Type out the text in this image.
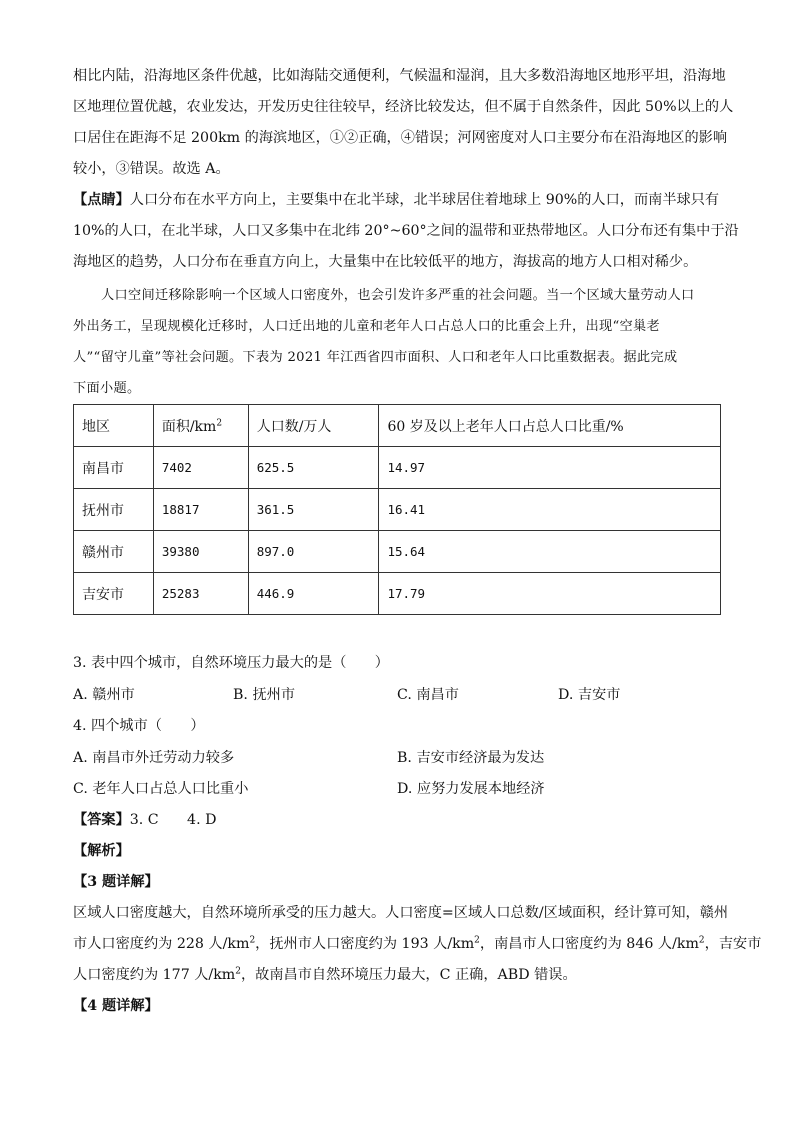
相比内陆，沿海地区条件优越，比如海陆交通便利，气候温和湿润，且大多数沿海地区地形平坦，沿海地
区地理位置优越，农业发达，开发历史往往较早，经济比较发达，但不属于自然条件，因此 50%以上的人
口居住在距海不足 200km 的海滨地区，①②正确，④错误；河网密度对人口主要分布在沿海地区的影响
较小，③错误。故选 A。
【点睛】人口分布在水平方向上，主要集中在北半球，北半球居住着地球上 90%的人口，而南半球只有
10%的人口，在北半球，人口又多集中在北纬 20°~60°之间的温带和亚热带地区。人口分布还有集中于沿
海地区的趋势，人口分布在垂直方向上，大量集中在比较低平的地方，海拔高的地方人口相对稀少。
人口空间迁移除影响一个区域人口密度外，也会引发许多严重的社会问题。当一个区域大量劳动人口
外出务工，呈现规模化迁移时，人口迁出地的儿童和老年人口占总人口的比重会上升，出现“空巢老
人”“留守儿童”等社会问题。下表为 2021 年江西省四市面积、人口和老年人口比重数据表。据此完成
下面小题。
地区	面积$/km^2$	人口数/万人	60 岁及以上老年人口占总人口比重/%
南昌市	7402	625.5	14.97
抚州市	18817	361.5	16.41
赣州市	39380	897.0	15.64
吉安市	25283	446.9	17.79
3. 表中四个城市，自然环境压力最大的是（　　）
A. 赣州市	B. 抚州市	C. 南昌市	D. 吉安市
4. 四个城市（　　）
A. 南昌市外迁劳动力较多	B. 吉安市经济最为发达
C. 老年人口占总人口比重小	D. 应努力发展本地经济
【答案】3. C　　4. D
【解析】
【3 题详解】
区域人口密度越大，自然环境所承受的压力越大。人口密度=区域人口总数/区域面积，经计算可知，赣州
市人口密度约为 228 人$/km^2$，抚州市人口密度约为 193 人$/km^2$，南昌市人口密度约为 846 人$/km^2$，吉安市
人口密度约为 177 人$/km^2$，故南昌市自然环境压力最大，C 正确，ABD 错误。
【4 题详解】
